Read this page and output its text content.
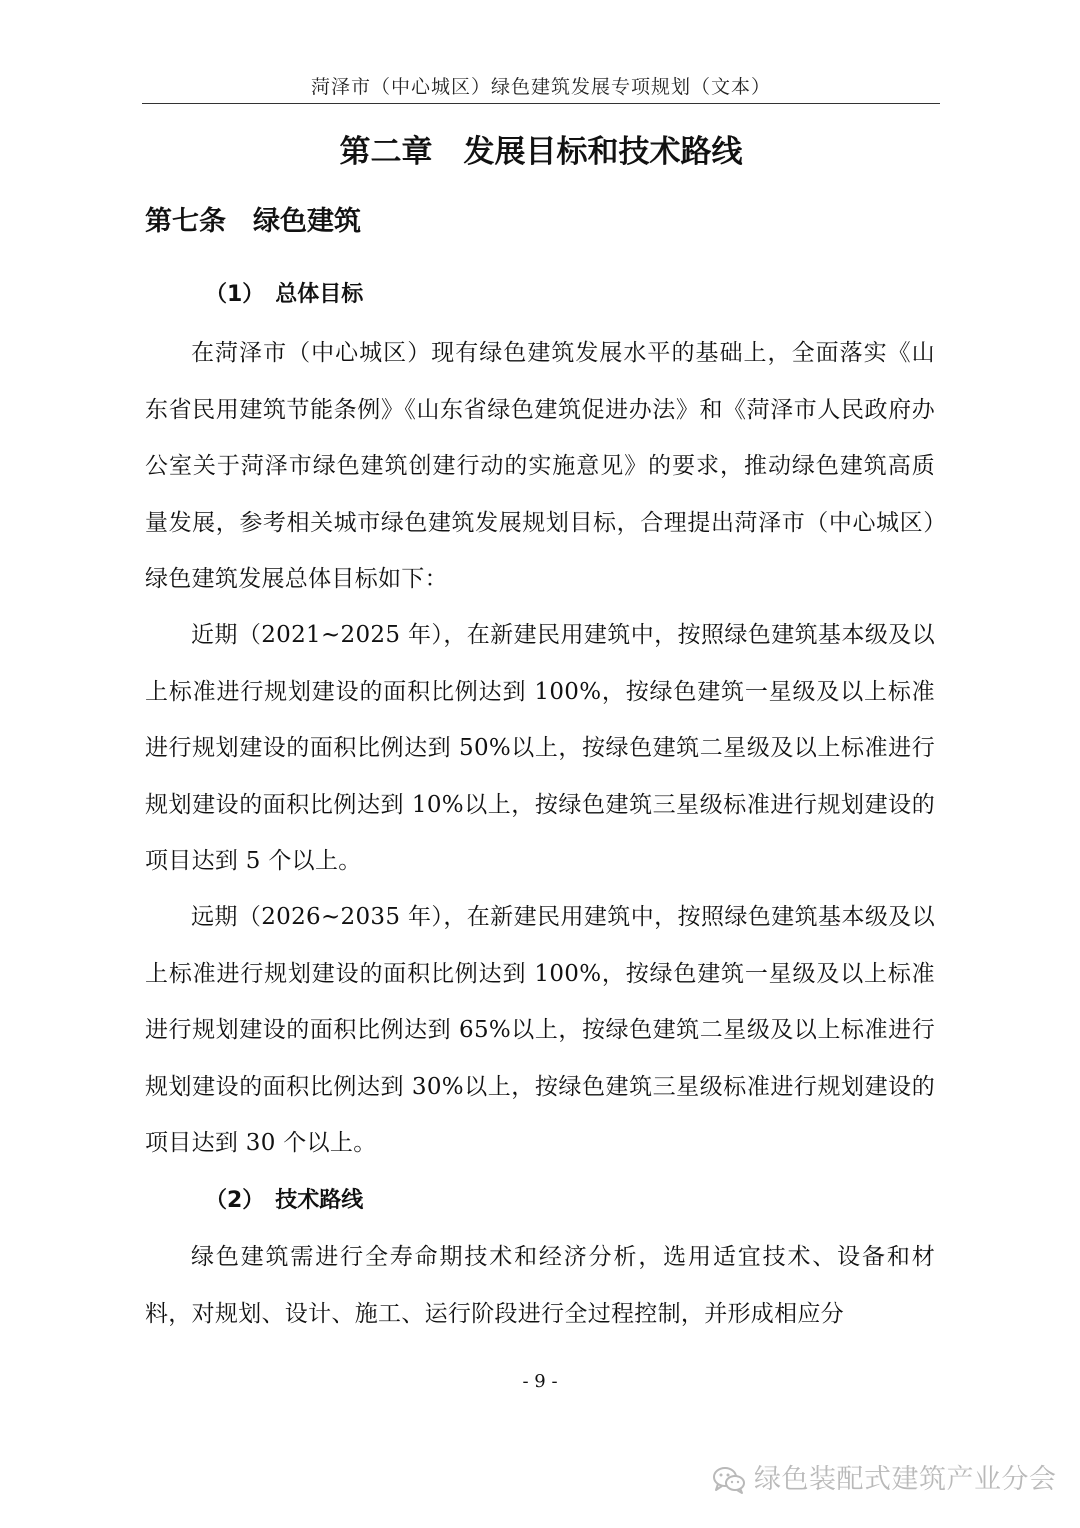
菏泽市（中心城区）绿色建筑发展专项规划（文本）
第二章　发展目标和技术路线
第七条　绿色建筑
（1）　总体目标

在菏泽市（中心城区）现有绿色建筑发展水平的基础上，全面落实《山东省民用建筑节能条例》《山东省绿色建筑促进办法》和《菏泽市人民政府办公室关于菏泽市绿色建筑创建行动的实施意见》的要求，推动绿色建筑高质量发展，参考相关城市绿色建筑发展规划目标，合理提出菏泽市（中心城区）绿色建筑发展总体目标如下：

近期（2021~2025 年），在新建民用建筑中，按照绿色建筑基本级及以上标准进行规划建设的面积比例达到 100%，按绿色建筑一星级及以上标准进行规划建设的面积比例达到 50%以上，按绿色建筑二星级及以上标准进行规划建设的面积比例达到 10%以上，按绿色建筑三星级标准进行规划建设的项目达到 5 个以上。

远期（2026~2035 年），在新建民用建筑中，按照绿色建筑基本级及以上标准进行规划建设的面积比例达到 100%，按绿色建筑一星级及以上标准进行规划建设的面积比例达到 65%以上，按绿色建筑二星级及以上标准进行规划建设的面积比例达到 30%以上，按绿色建筑三星级标准进行规划建设的项目达到 30 个以上。

（2）　技术路线

绿色建筑需进行全寿命期技术和经济分析，选用适宜技术、设备和材料，对规划、设计、施工、运行阶段进行全过程控制，并形成相应分

- 9 -
绿色装配式建筑产业分会
